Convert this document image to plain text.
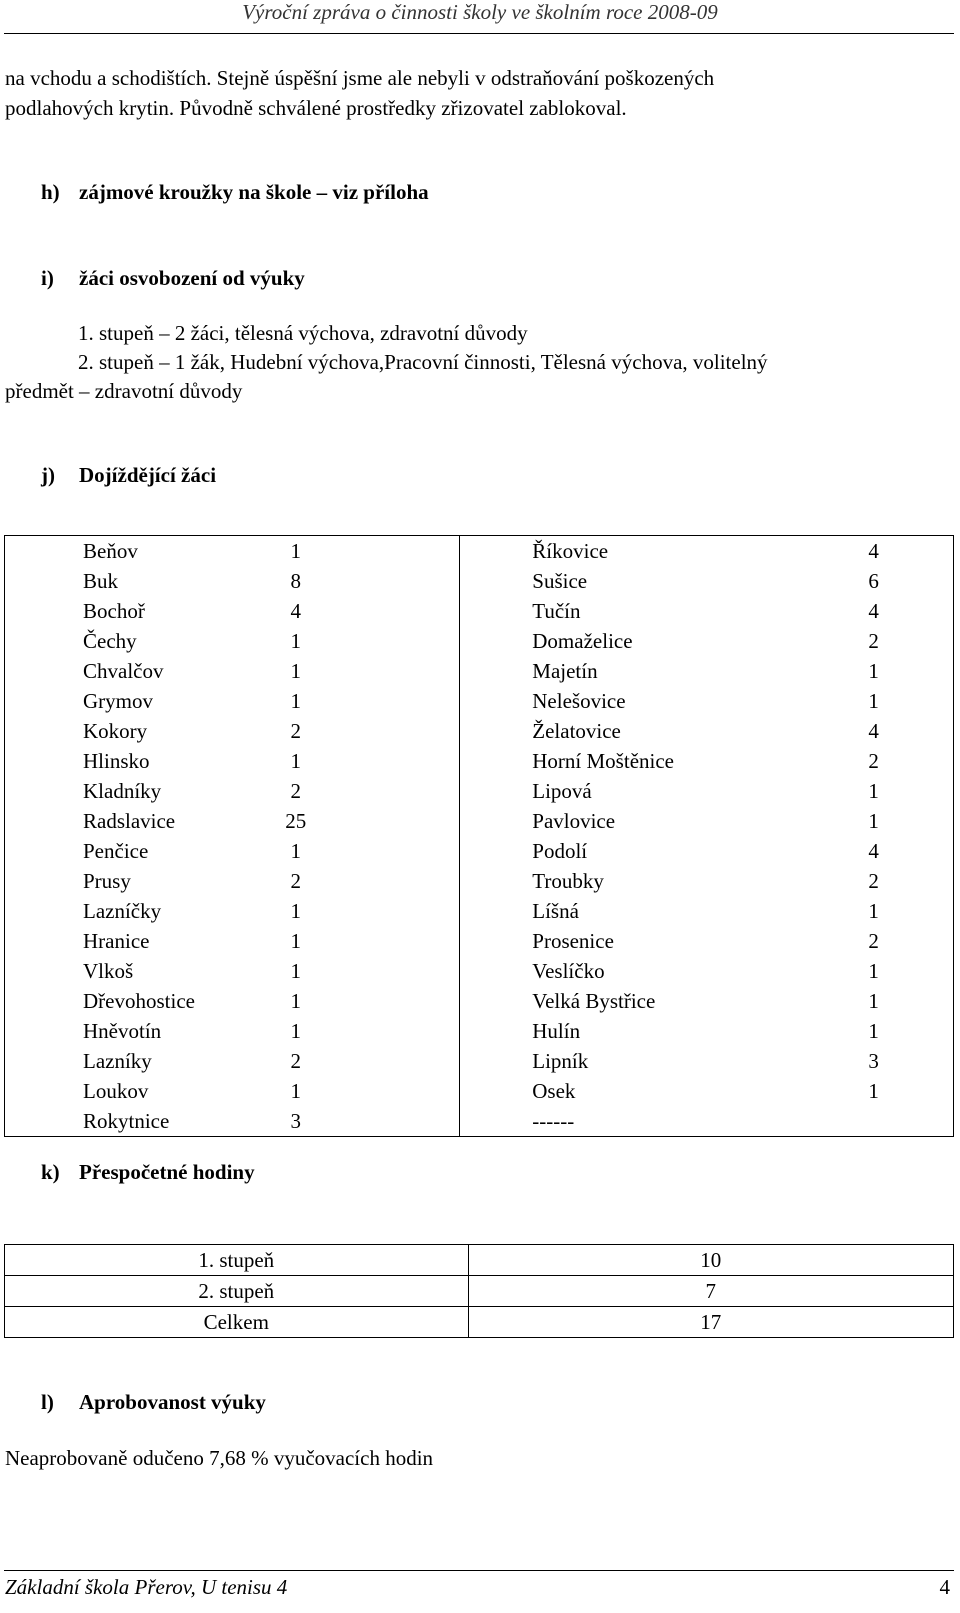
Výroční zpráva o činnosti školy ve školním roce 2008-09
na vchodu a schodištích. Stejně úspěšní jsme ale nebyli v odstraňování poškozených
podlahových krytin. Původně schválené prostředky zřizovatel zablokoval.
h) zájmové kroužky na škole – viz příloha
i) žáci osvobození od výuky
1. stupeň – 2 žáci, tělesná výchova, zdravotní důvody
2. stupeň – 1 žák, Hudební výchova,Pracovní činnosti, Tělesná výchova, volitelný
předmět – zdravotní důvody
j) Dojíždějící žáci
Beňov	1		Říkovice	4	
Buk	8		Sušice	6	
Bochoř	4		Tučín	4	
Čechy	1		Domaželice	2	
Chvalčov	1		Majetín	1	
Grymov	1		Nelešovice	1	
Kokory	2		Želatovice	4	
Hlinsko	1		Horní Moštěnice	2	
Kladníky	2		Lipová	1	
Radslavice	25		Pavlovice	1	
Penčice	1		Podolí	4	
Prusy	2		Troubky	2	
Lazníčky	1		Líšná	1	
Hranice	1		Prosenice	2	
Vlkoš	1		Veslíčko	1	
Dřevohostice	1		Velká Bystřice	1	
Hněvotín	1		Hulín	1	
Lazníky	2		Lipník	3	
Loukov	1		Osek	1	
Rokytnice	3		------		
k) Přespočetné hodiny
1. stupeň	10
2. stupeň	7
Celkem	17
l) Aprobovanost výuky
Neaprobovaně odučeno 7,68 % vyučovacích hodin
Základní škola Přerov, U tenisu 4	4
